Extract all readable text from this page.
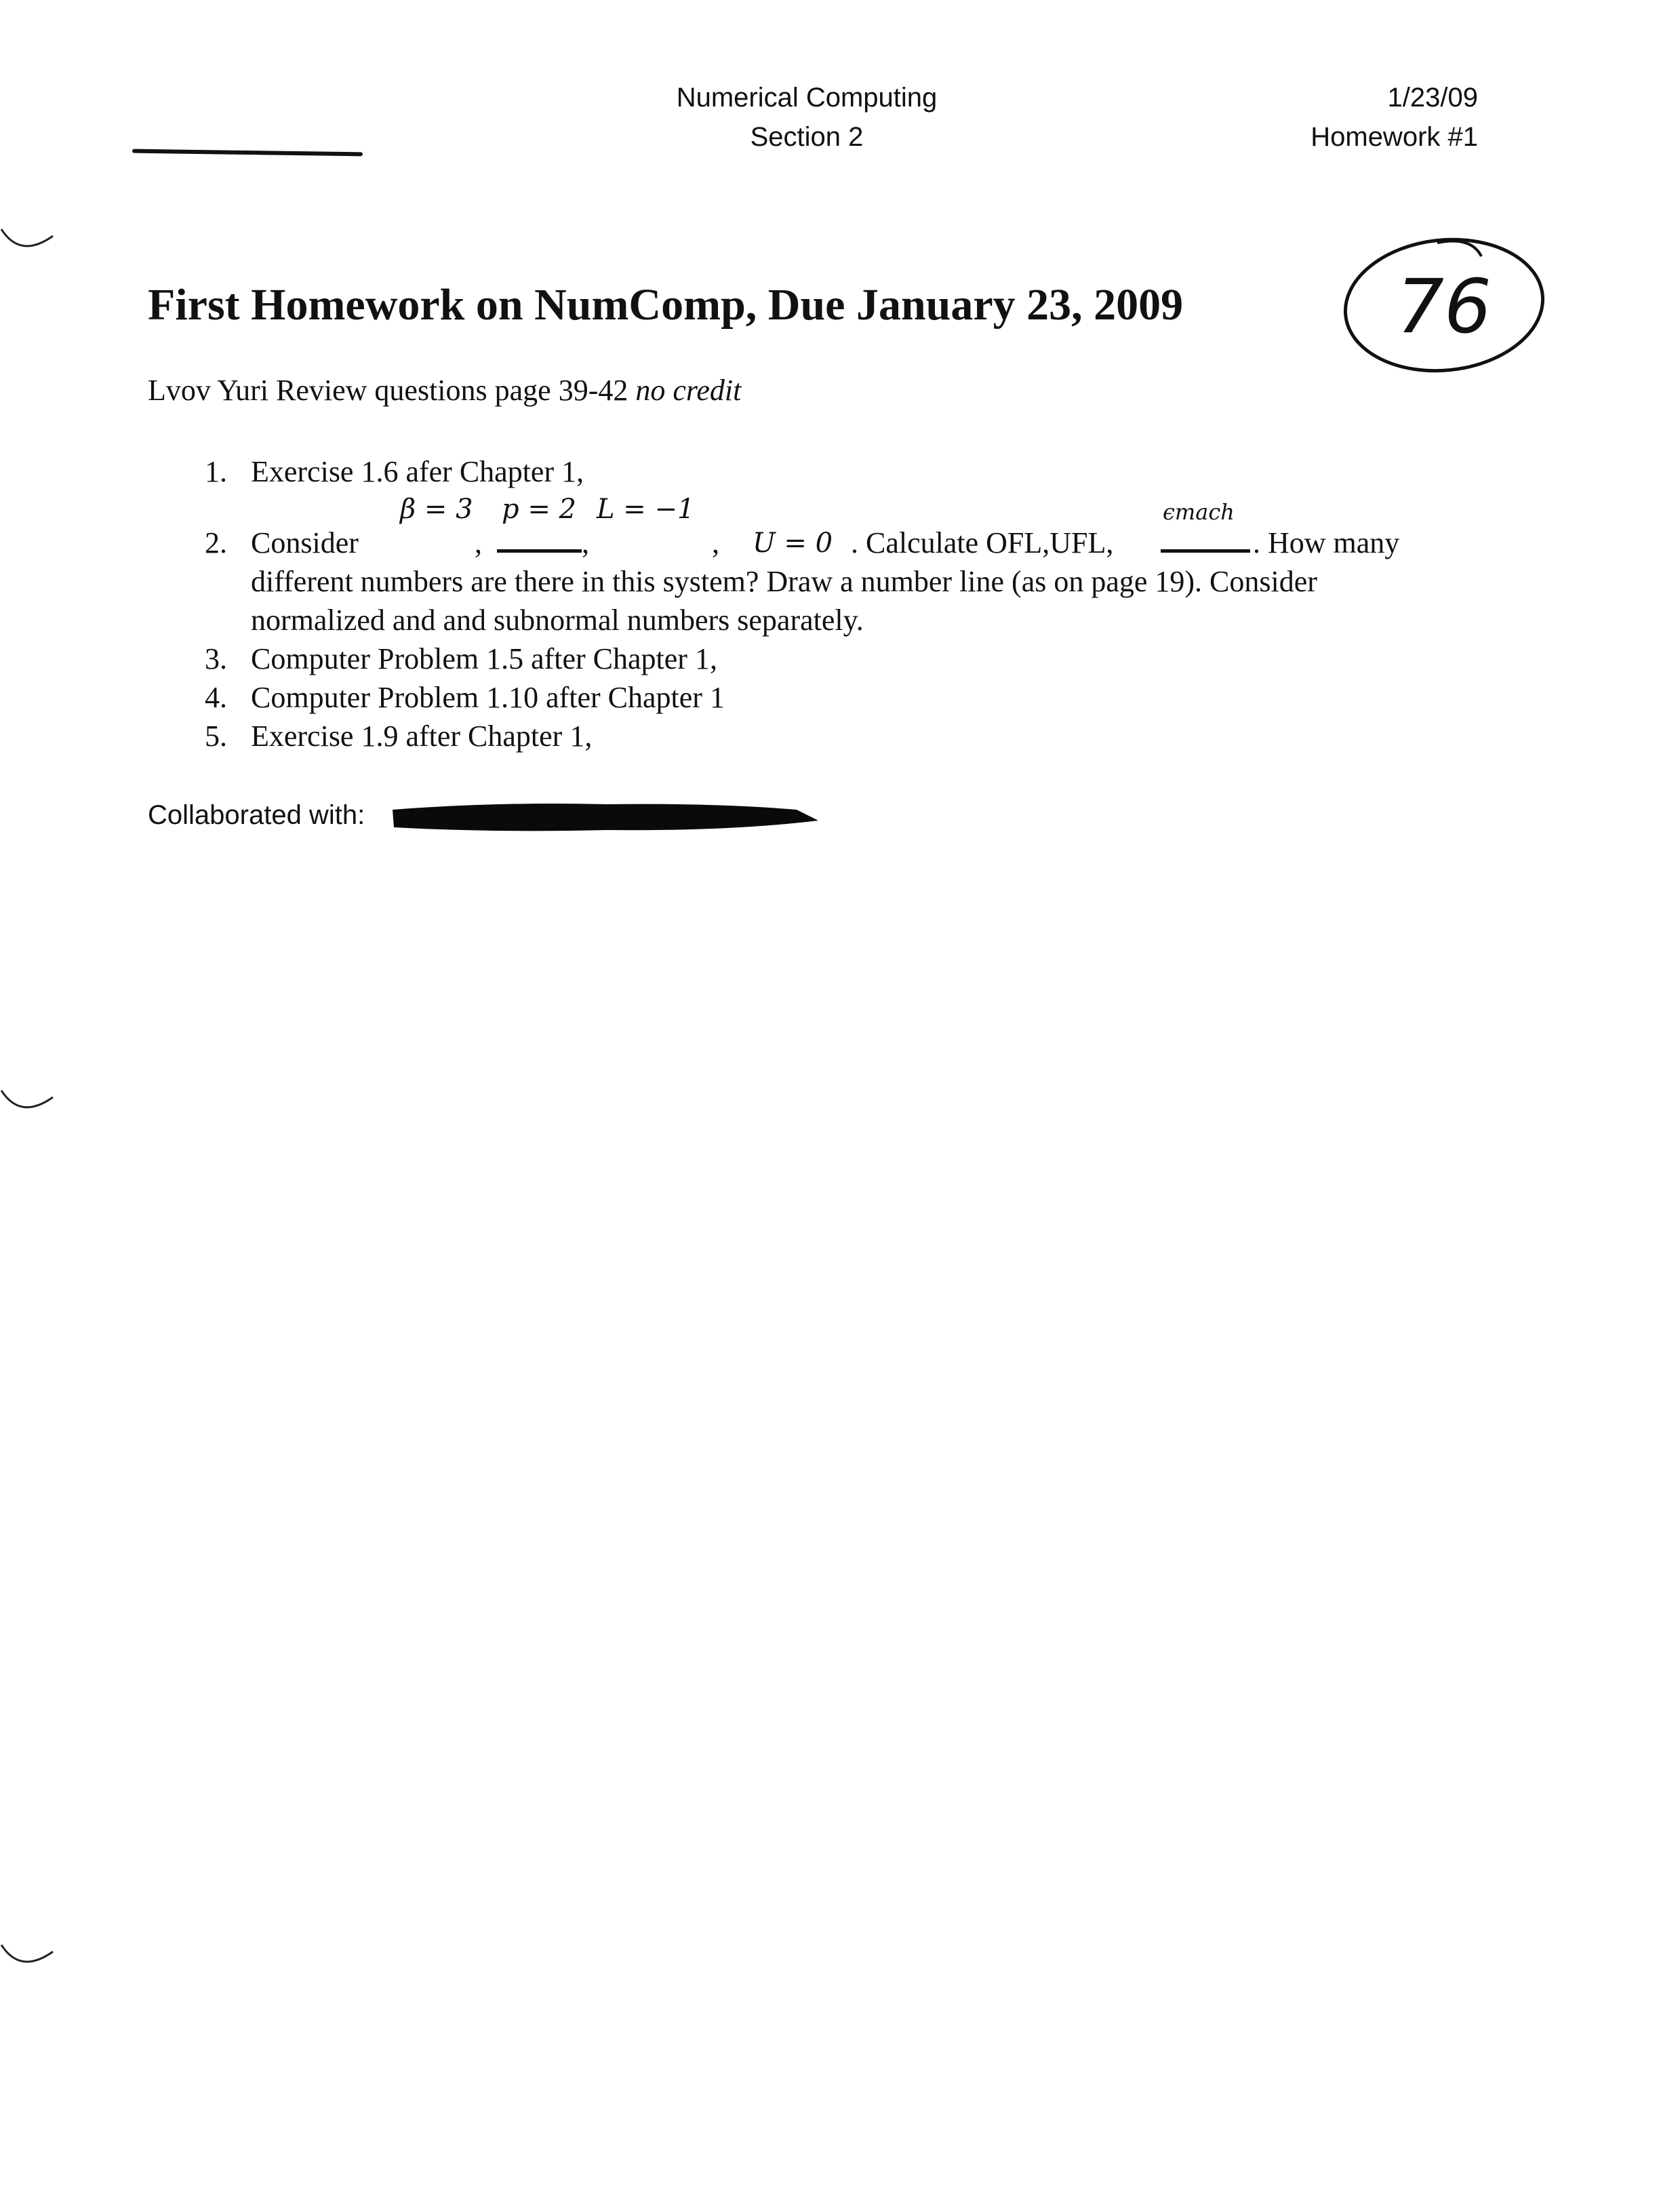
Numerical Computing
Section 2
1/23/09
Homework #1
First Homework on NumComp, Due January 23, 2009	76
Lvov Yuri Review questions page 39-42 no credit
1. Exercise 1.6 afer Chapter 1,
β = 3 p = 2 L = −1	ϵmach
2. Consider	,	,	, U = 0 . Calculate OFL,UFL,	. How many
different numbers are there in this system? Draw a number line (as on page 19). Consider
normalized and and subnormal numbers separately.
3. Computer Problem 1.5 after Chapter 1,
4. Computer Problem 1.10 after Chapter 1
5. Exercise 1.9 after Chapter 1,
Collaborated with:
